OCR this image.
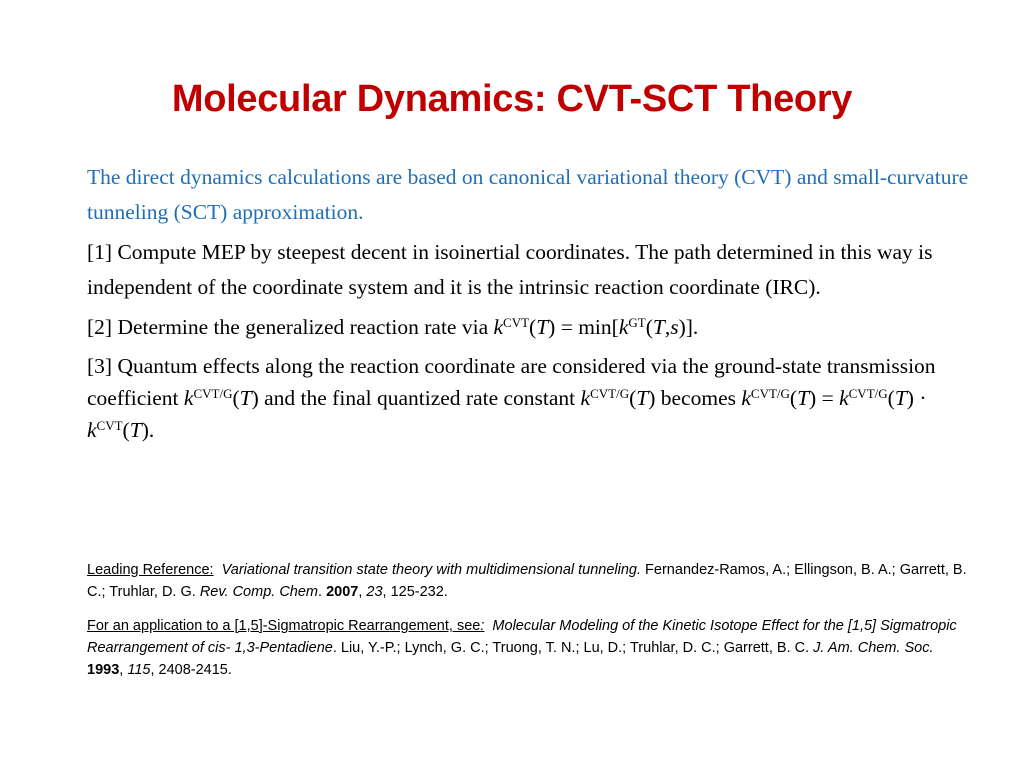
Molecular Dynamics: CVT-SCT Theory

The direct dynamics calculations are based on canonical variational theory (CVT) and small-curvature tunneling (SCT) approximation.

[1] Compute MEP by steepest decent in isoinertial coordinates. The path determined in this way is independent of the coordinate system and it is the intrinsic reaction coordinate (IRC).

[2] Determine the generalized reaction rate via $k^{CVT}(T) = \min[k^{GT}(T,s)]$.

[3] Quantum effects along the reaction coordinate are considered via the ground-state transmission coefficient $k^{CVT/G}(T)$ and the final quantized rate constant $k^{CVT/G}(T)$ becomes $k^{CVT/G}(T) = k^{CVT/G}(T) \cdot k^{CVT}(T)$.

Leading Reference: Variational transition state theory with multidimensional tunneling. Fernandez-Ramos, A.; Ellingson, B. A.; Garrett, B. C.; Truhlar, D. G. Rev. Comp. Chem. 2007, 23, 125-232.

For an application to a [1,5]-Sigmatropic Rearrangement, see: Molecular Modeling of the Kinetic Isotope Effect for the [1,5] Sigmatropic Rearrangement of cis- 1,3-Pentadiene. Liu, Y.-P.; Lynch, G. C.; Truong, T. N.; Lu, D.; Truhlar, D. C.; Garrett, B. C. J. Am. Chem. Soc. 1993, 115, 2408-2415.
